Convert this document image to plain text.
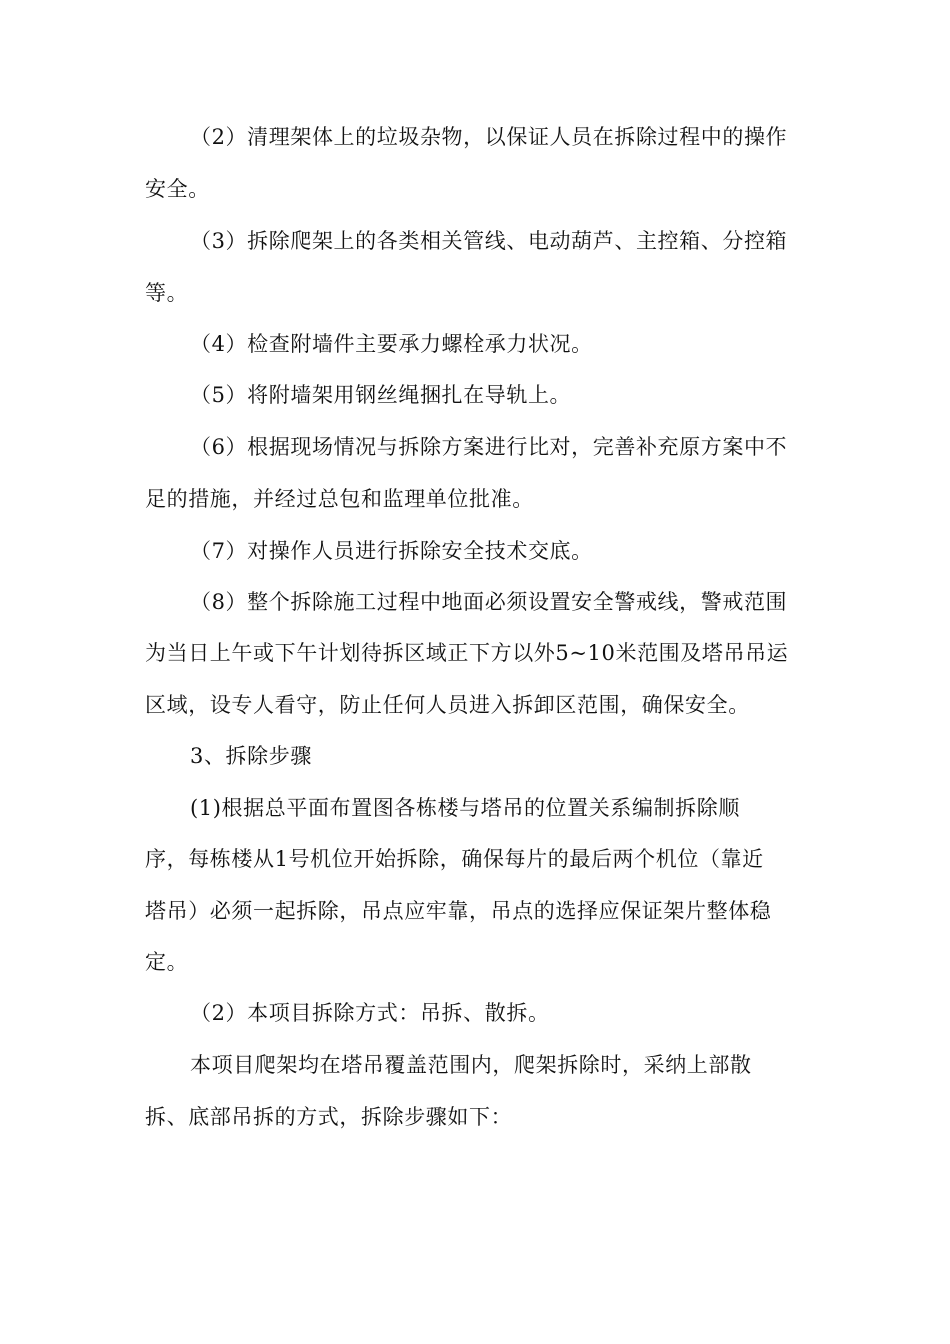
（2）清理架体上的垃圾杂物，以保证人员在拆除过程中的操作
安全。
（3）拆除爬架上的各类相关管线、电动葫芦、主控箱、分控箱
等。
（4）检查附墙件主要承力螺栓承力状况。
（5）将附墙架用钢丝绳捆扎在导轨上。
（6）根据现场情况与拆除方案进行比对，完善补充原方案中不
足的措施，并经过总包和监理单位批准。
（7）对操作人员进行拆除安全技术交底。
（8）整个拆除施工过程中地面必须设置安全警戒线，警戒范围
为当日上午或下午计划待拆区域正下方以外5~10米范围及塔吊吊运
区域，设专人看守，防止任何人员进入拆卸区范围，确保安全。
3、拆除步骤
(1)根据总平面布置图各栋楼与塔吊的位置关系编制拆除顺
序，每栋楼从1号机位开始拆除，确保每片的最后两个机位（靠近
塔吊）必须一起拆除，吊点应牢靠，吊点的选择应保证架片整体稳
定。
（2）本项目拆除方式：吊拆、散拆。
本项目爬架均在塔吊覆盖范围内，爬架拆除时，采纳上部散
拆、底部吊拆的方式，拆除步骤如下：
